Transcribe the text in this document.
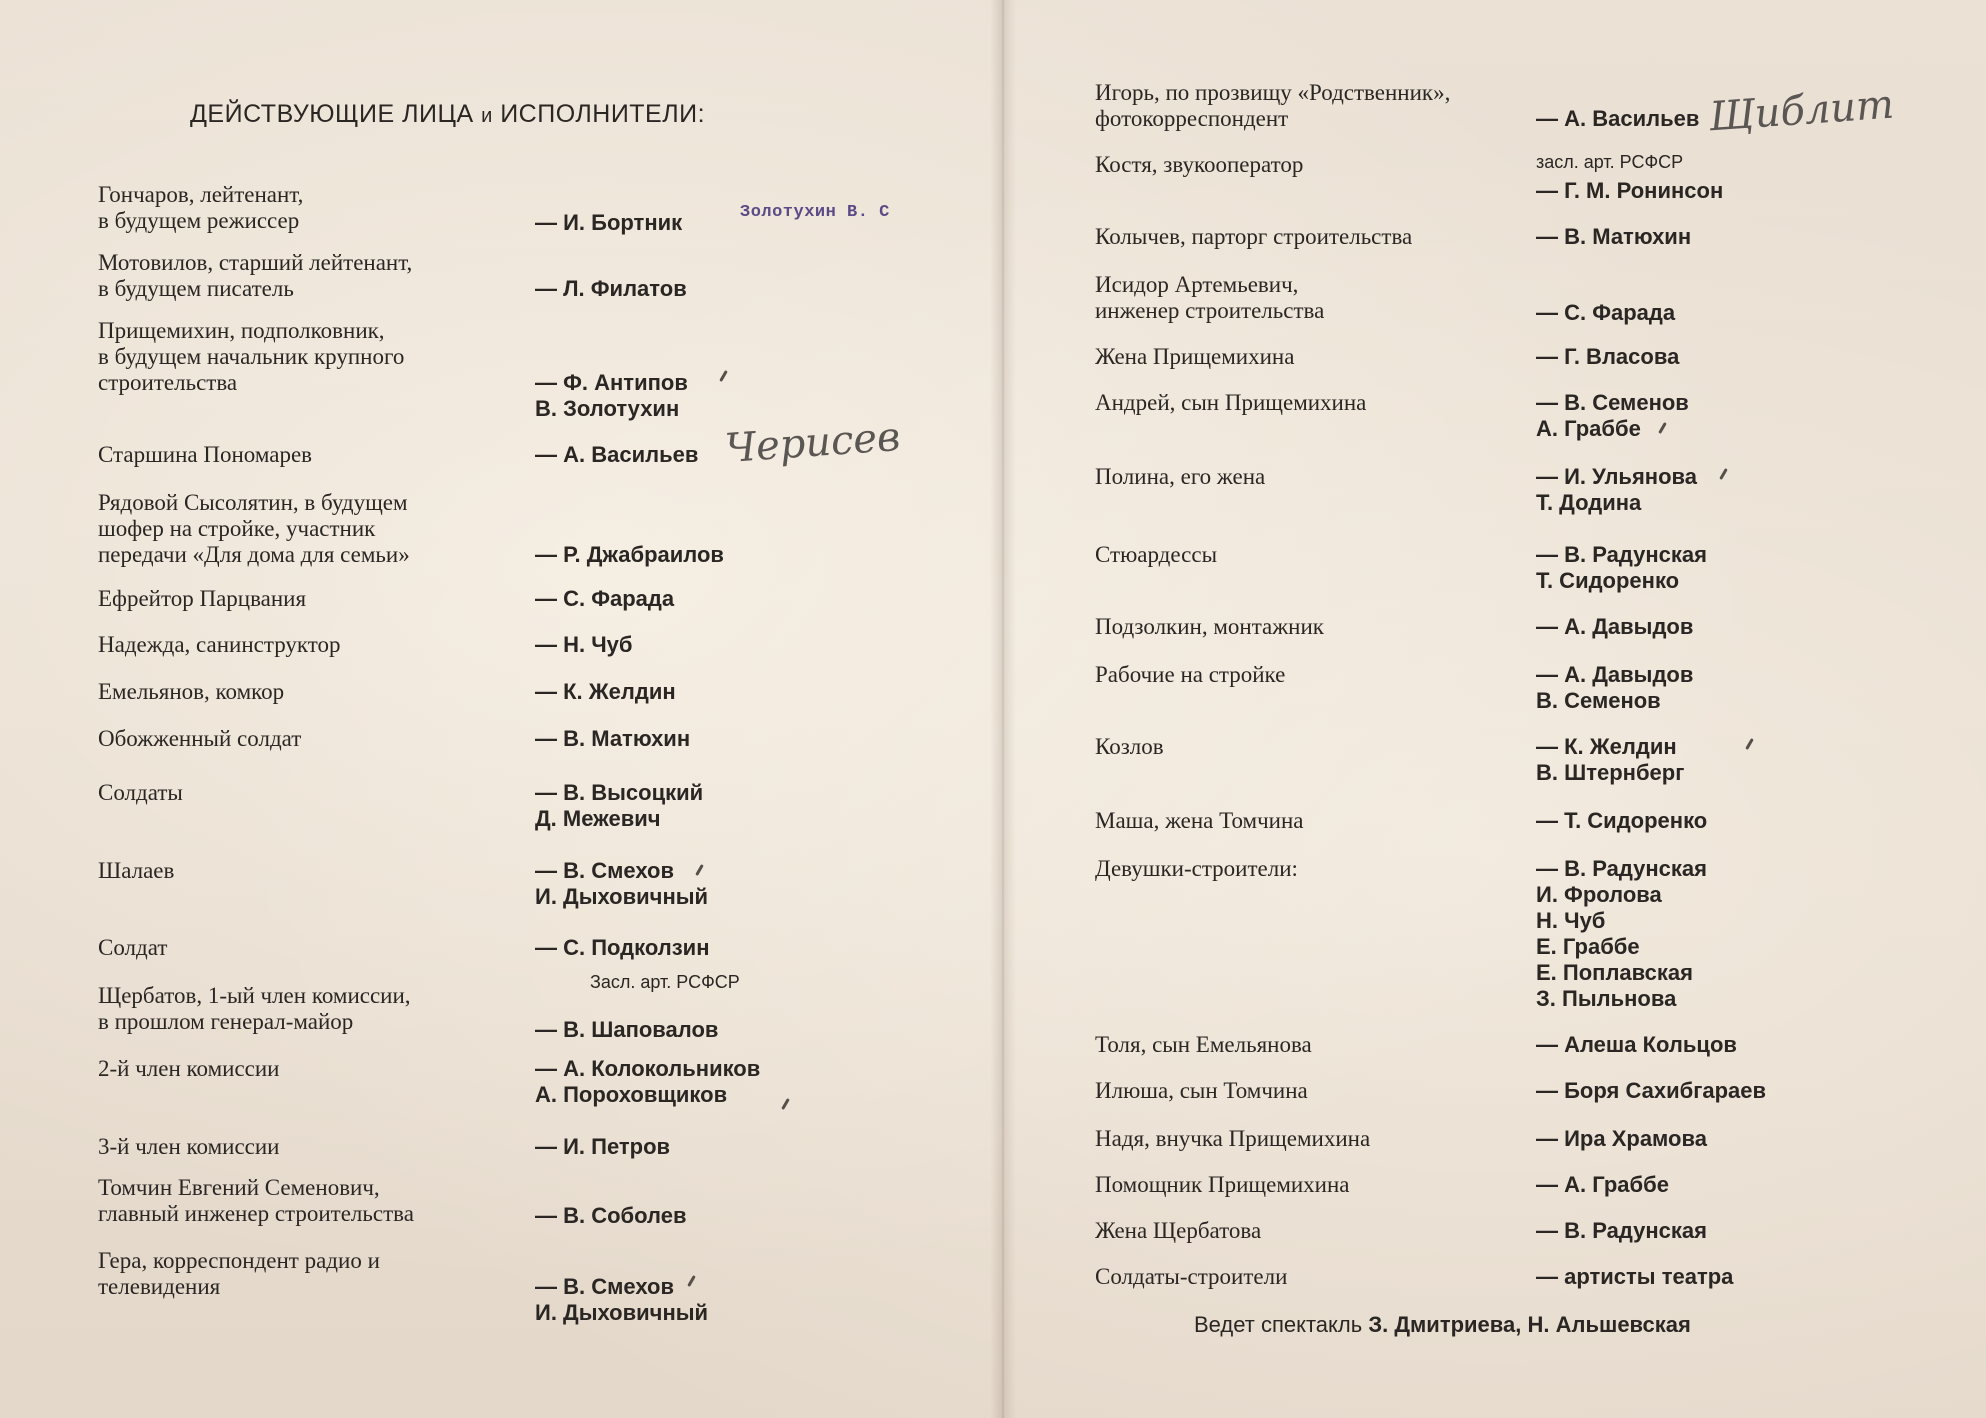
ДЕЙСТВУЮЩИЕ ЛИЦА и ИСПОЛНИТЕЛИ:
Гончаров, лейтенант,
в будущем режиссер	— И. Бортник
Мотовилов, старший лейтенант,
в будущем писатель	— Л. Филатов
Прищемихин, подполковник,
в будущем начальник крупного
строительства	— Ф. Антипов
В. Золотухин
Старшина Пономарев	— А. Васильев
Рядовой Сысолятин, в будущем
шофер на стройке, участник
передачи «Для дома для семьи»	— Р. Джабраилов
Ефрейтор Парцвания	— С. Фарада
Надежда, санинструктор	— Н. Чуб
Емельянов, комкор	— К. Желдин
Обожженный солдат	— В. Матюхин
Солдаты	— В. Высоцкий
Д. Межевич
Шалаев	— В. Смехов
И. Дыховичный
Солдат	— С. Подколзин
Щербатов, 1-ый член комиссии,
в прошлом генерал-майор	— В. Шаповалов
2-й член комиссии	— А. Колокольников
А. Пороховщиков
3-й член комиссии	— И. Петров
Томчин Евгений Семенович,
главный инженер строительства	— В. Соболев
Гера, корреспондент радио и
телевидения	— В. Смехов
И. Дыховичный
Золотухин В. С
Засл. арт. РСФСР
Черисев
Игорь, по прозвищу «Родственник»,
фотокорреспондент	— А. Васильев
Костя, звукооператор	засл. арт. РСФСР
— Г. М. Ронинсон
Колычев, парторг строительства	— В. Матюхин
Исидор Артемьевич,
инженер строительства	— С. Фарада
Жена Прищемихина	— Г. Власова
Андрей, сын Прищемихина	— В. Семенов
А. Граббе
Полина, его жена	— И. Ульянова
Т. Додина
Стюардессы	— В. Радунская
Т. Сидоренко
Подзолкин, монтажник	— А. Давыдов
Рабочие на стройке	— А. Давыдов
В. Семенов
Козлов	— К. Желдин
В. Штернберг
Маша, жена Томчина	— Т. Сидоренко
Девушки-строители:	— В. Радунская
И. Фролова
Н. Чуб
Е. Граббе
Е. Поплавская
З. Пыльнова
Толя, сын Емельянова	— Алеша Кольцов
Илюша, сын Томчина	— Боря Сахибгараев
Надя, внучка Прищемихина	— Ира Храмова
Помощник Прищемихина	— А. Граббе
Жена Щербатова	— В. Радунская
Солдаты-строители	— артисты театра
Щиблит
Ведет спектакль З. Дмитриева, Н. Альшевская
